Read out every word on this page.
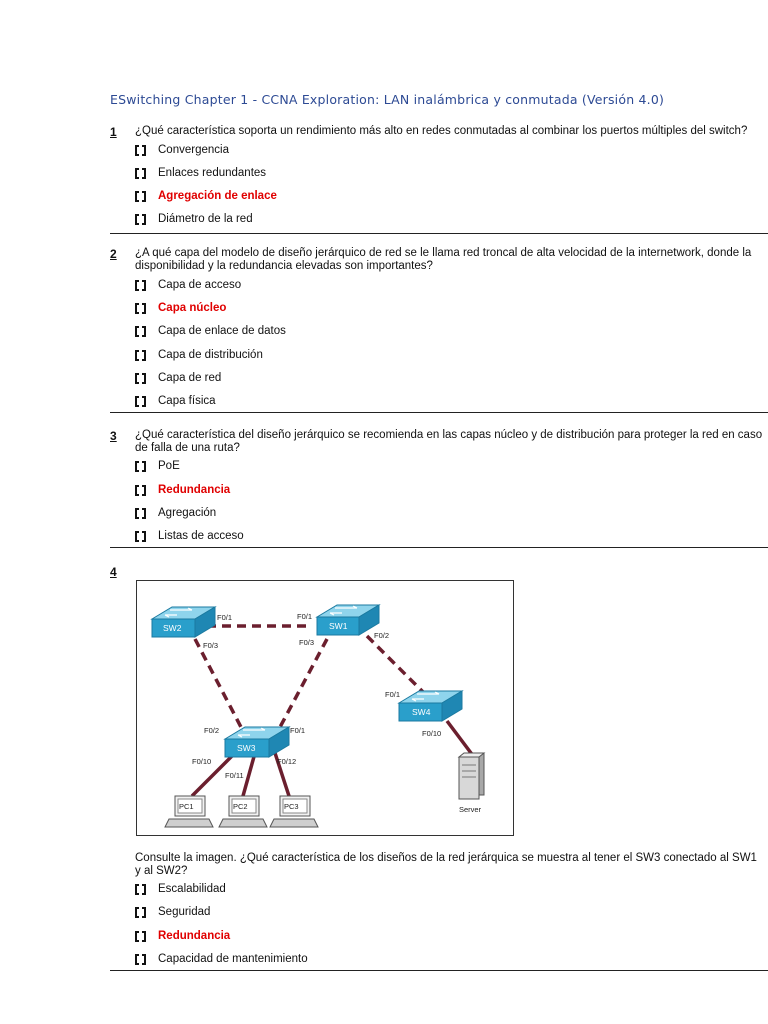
ESwitching Chapter 1 - CCNA Exploration: LAN inalámbrica y conmutada (Versión 4.0)
1 ¿Qué característica soporta un rendimiento más alto en redes conmutadas al combinar los puertos múltiples del switch?
Convergencia
Enlaces redundantes
Agregación de enlace
Diámetro de la red
2 ¿A qué capa del modelo de diseño jerárquico de red se le llama red troncal de alta velocidad de la internetwork, donde la disponibilidad y la redundancia elevadas son importantes?
Capa de acceso
Capa núcleo
Capa de enlace de datos
Capa de distribución
Capa de red
Capa física
3 ¿Qué característica del diseño jerárquico se recomienda en las capas núcleo y de distribución para proteger la red en caso de falla de una ruta?
PoE
Redundancia
Agregación
Listas de acceso
4
SW2	SW1
SW3
SW4
F0/1
F0/3
F0/1
F0/3
F0/2
F0/1
F0/2	F0/1
F0/10
F0/11
F0/12
F0/10
PC1	PC2	PC3	Server
Consulte la imagen. ¿Qué característica de los diseños de la red jerárquica se muestra al tener el SW3 conectado al SW1 y al SW2?
Escalabilidad
Seguridad
Redundancia
Capacidad de mantenimiento
